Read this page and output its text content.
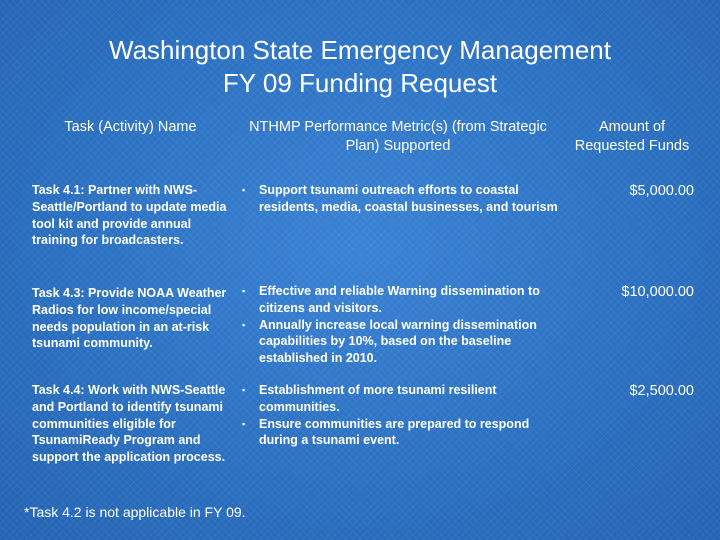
Washington State Emergency Management
FY 09 Funding Request
Task (Activity) Name	NTHMP Performance Metric(s) (from Strategic Plan) Supported
Amount of Requested Funds
Task 4.1: Partner with NWS-Seattle/Portland to update media tool kit and provide annual training for broadcasters.
▪ Support tsunami outreach efforts to coastal residents, media, coastal businesses, and tourism
$5,000.00
Task 4.3: Provide NOAA Weather Radios for low income/special needs population in an at-risk tsunami community.
▪ Effective and reliable Warning dissemination to citizens and visitors.
▪ Annually increase local warning dissemination capabilities by 10%, based on the baseline established in 2010.
$10,000.00
Task 4.4: Work with NWS-Seattle and Portland to identify tsunami communities eligible for TsunamiReady Program and support the application process.
▪ Establishment of more tsunami resilient communities.
▪ Ensure communities are prepared to respond during a tsunami event.
$2,500.00
*Task 4.2 is not applicable in FY 09.
